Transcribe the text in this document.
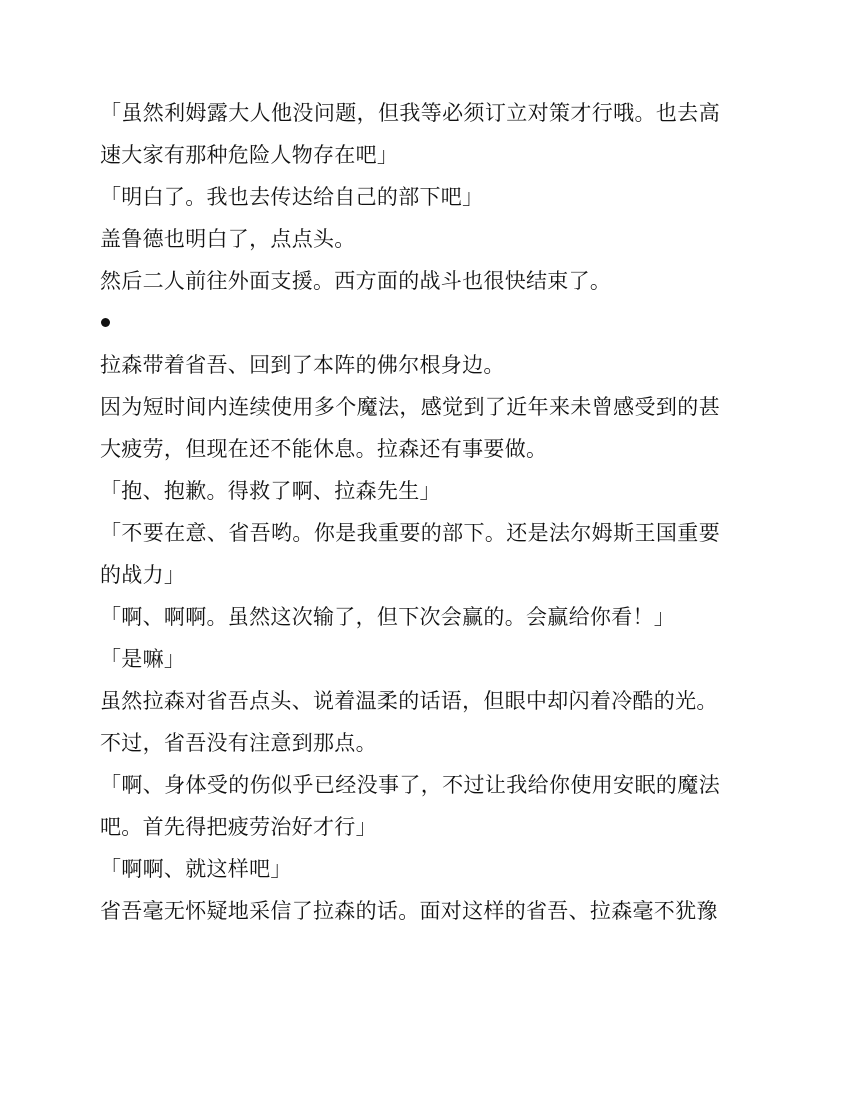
「虽然利姆露大人他没问题，但我等必须订立对策才行哦。也去高速大家有那种危险人物存在吧」

「明白了。我也去传达给自己的部下吧」

盖鲁德也明白了，点点头。

然后二人前往外面支援。西方面的战斗也很快结束了。

拉森带着省吾、回到了本阵的佛尔根身边。

因为短时间内连续使用多个魔法，感觉到了近年来未曾感受到的甚大疲劳，但现在还不能休息。拉森还有事要做。

「抱、抱歉。得救了啊、拉森先生」

「不要在意、省吾哟。你是我重要的部下。还是法尔姆斯王国重要的战力」

「啊、啊啊。虽然这次输了，但下次会赢的。会赢给你看！」

「是嘛」

虽然拉森对省吾点头、说着温柔的话语，但眼中却闪着冷酷的光。

不过，省吾没有注意到那点。

「啊、身体受的伤似乎已经没事了，不过让我给你使用安眠的魔法吧。首先得把疲劳治好才行」

「啊啊、就这样吧」

省吾毫无怀疑地采信了拉森的话。面对这样的省吾、拉森毫不犹豫
